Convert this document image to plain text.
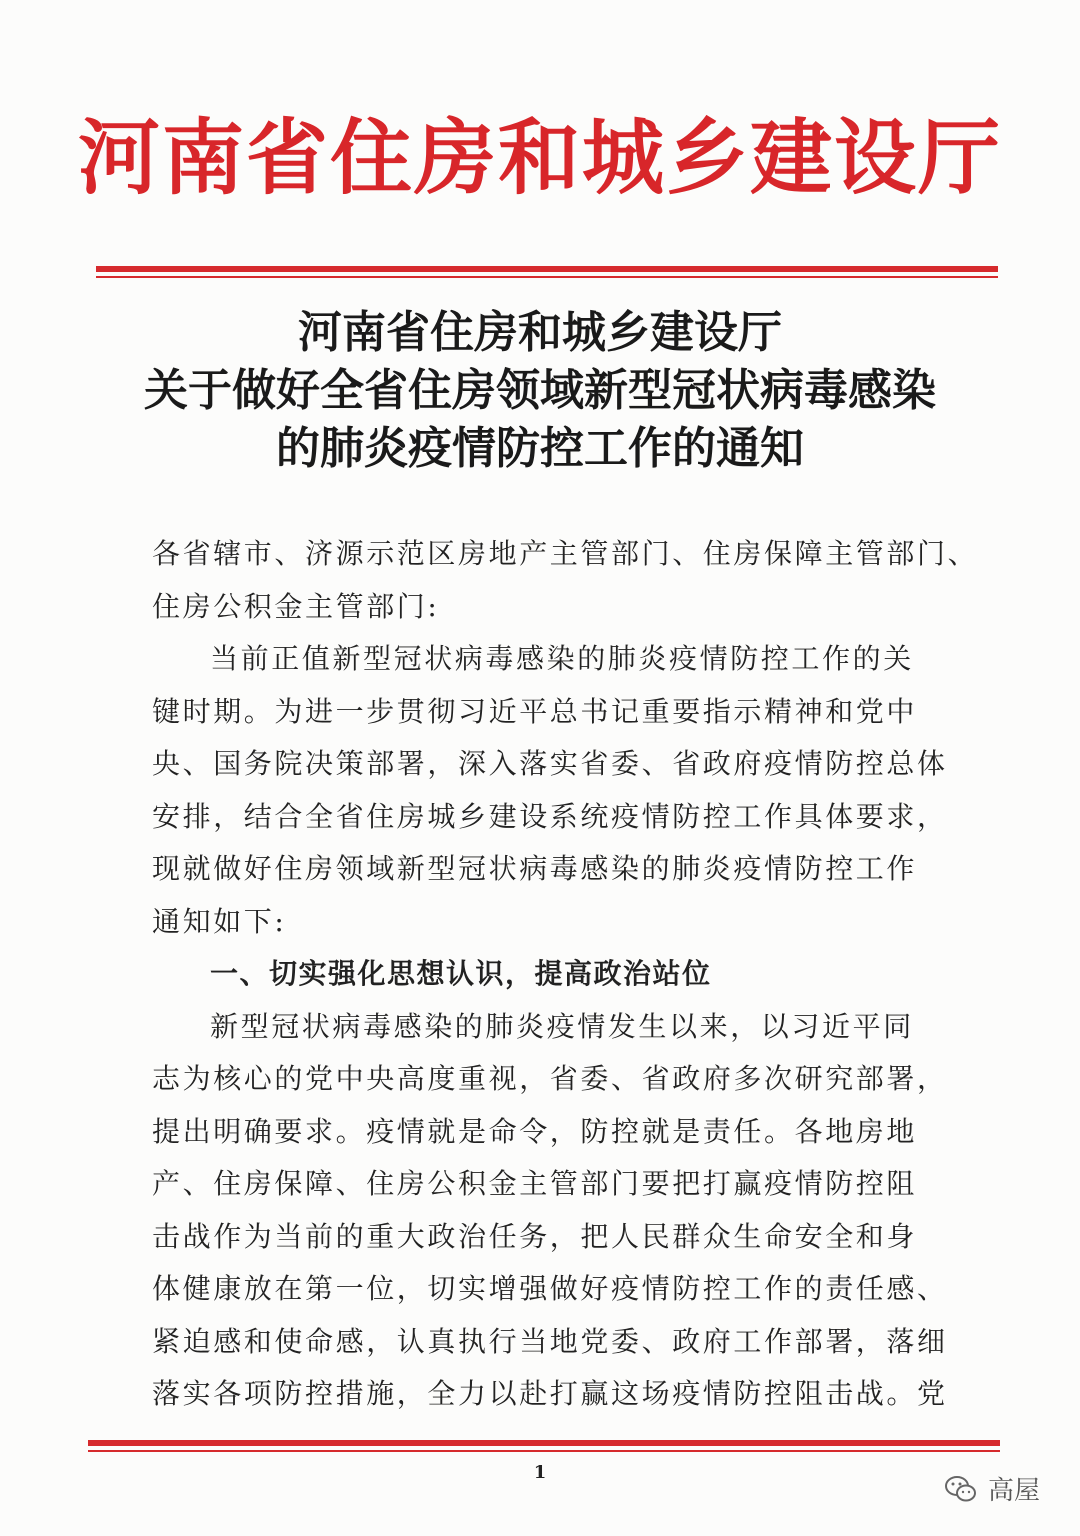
河南省住房和城乡建设厅
河南省住房和城乡建设厅
关于做好全省住房领域新型冠状病毒感染
的肺炎疫情防控工作的通知
各省辖市、济源示范区房地产主管部门、住房保障主管部门、
住房公积金主管部门:
当前正值新型冠状病毒感染的肺炎疫情防控工作的关
键时期。为进一步贯彻习近平总书记重要指示精神和党中
央、国务院决策部署，深入落实省委、省政府疫情防控总体
安排，结合全省住房城乡建设系统疫情防控工作具体要求，
现就做好住房领域新型冠状病毒感染的肺炎疫情防控工作
通知如下:
一、切实强化思想认识，提高政治站位
新型冠状病毒感染的肺炎疫情发生以来，以习近平同
志为核心的党中央高度重视，省委、省政府多次研究部署，
提出明确要求。疫情就是命令，防控就是责任。各地房地
产、住房保障、住房公积金主管部门要把打赢疫情防控阻
击战作为当前的重大政治任务，把人民群众生命安全和身
体健康放在第一位，切实增强做好疫情防控工作的责任感、
紧迫感和使命感，认真执行当地党委、政府工作部署，落细
落实各项防控措施，全力以赴打赢这场疫情防控阻击战。党
1
高屋
